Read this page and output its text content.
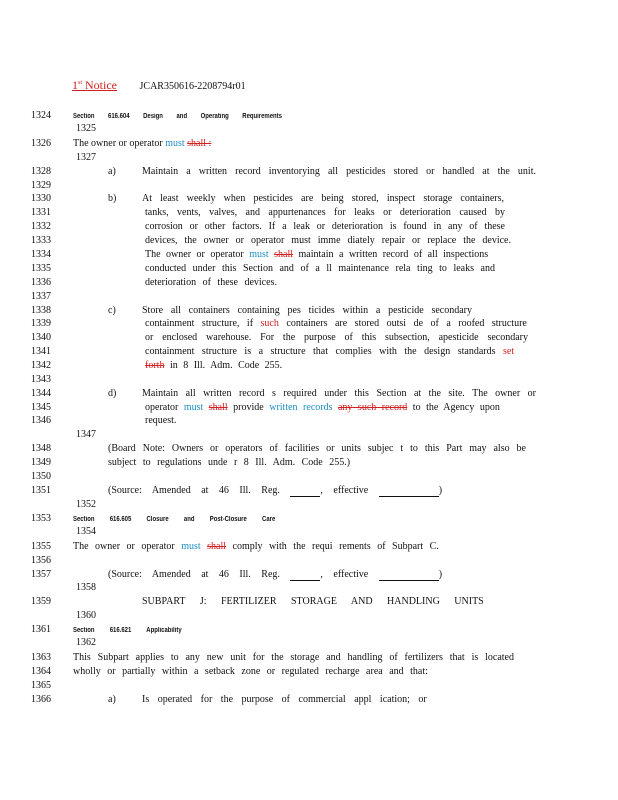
1st Notice JCAR350616-2208794r01
1324
1325
1326
1327
1328
1329
1330
1331
1332
1333
1334
1335
1336
1337
1338
1339
1340
1341
1342
1343
1344
1345
1346
1347
1348
1349
1350
1351
1352
1353
1354
1355
1356
1357
1358
1359
1360
1361
1362
1363
1364
1365
1366
Section 616.604 Design and Operating Requirements
The owner or operator must shall :
a)	Maintain a written record inventorying all pesticides stored or handled at the unit.
b)	At least weekly when pesticides are being stored, inspect storage containers,
tanks, vents, valves, and appurtenances for leaks or deterioration caused by
corrosion or other factors. If a leak or deterioration is found in any of these
devices, the owner or operator must imme diately repair or replace the device.
The owner or operator must shall maintain a written record of all inspections
conducted under this Section and of a ll maintenance rela ting to leaks and
deterioration of these devices.
c)	Store all containers containing pes ticides within a pesticide secondary
containment structure, if such containers are stored outsi de of a roofed structure
or enclosed warehouse. For the purpose of this subsection, apesticide secondary
containment structure is a structure that complies with the design standards set
forth in 8 Ill. Adm. Code 255.
d)	Maintain all written record s required under this Section at the site. The owner or
operator must shall provide written records any such record to the Agency upon
request.
(Board Note: Owners or operators of facilities or units subjec t to this Part may also be
subject to regulations unde r 8 Ill. Adm. Code 255.)
(Source: Amended at 46 Ill. Reg.	, effective	)
Section 616.605 Closure and Post-Closure Care
The owner or operator must shall comply with the requi rements of Subpart C.
(Source: Amended at 46 Ill. Reg.	, effective	)
SUBPART J: FERTILIZER STORAGE AND HANDLING UNITS
Section 616.621 Applicability
This Subpart applies to any new unit for the storage and handling of fertilizers that is located
wholly or partially within a setback zone or regulated recharge area and that:
a)	Is operated for the purpose of commercial appl ication; or
